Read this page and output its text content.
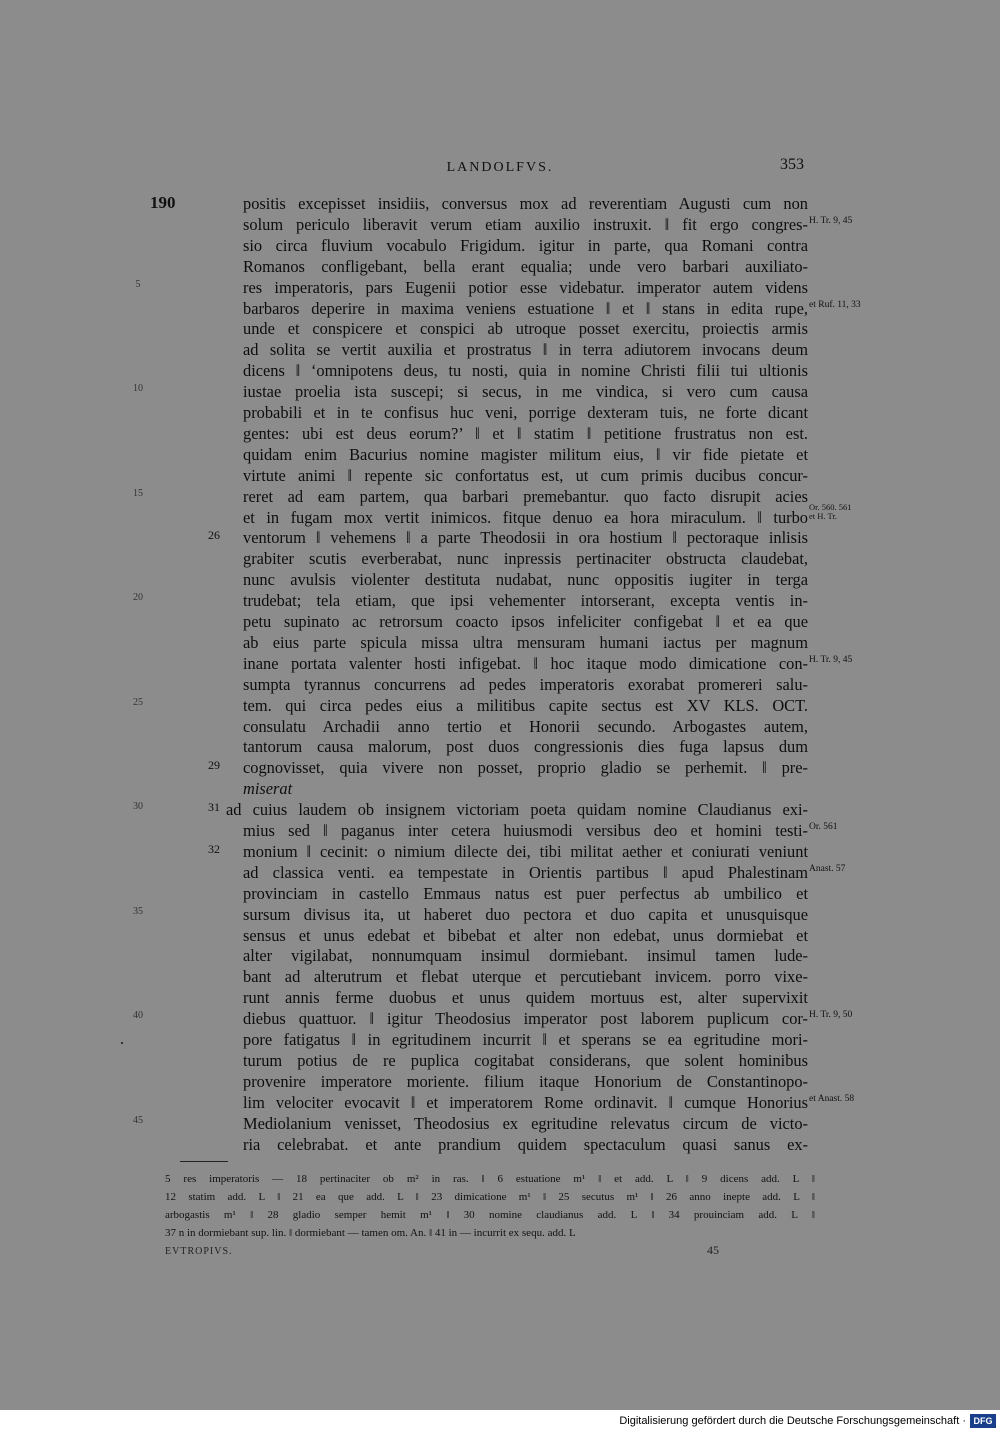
LANDOLFVS.	353
190	positis excepisset insidiis, conversus mox ad reverentiam Augusti cum non
solum periculo liberavit verum etiam auxilio instruxit. ‖ fit ergo congres- H. Tr. 9, 45
sio circa fluvium vocabulo Frigidum. igitur in parte, qua Romani contra
Romanos confligebant, bella erant equalia; unde vero barbari auxiliato-
5	res imperatoris, pars Eugenii potior esse videbatur. imperator autem videns
barbaros deperire in maxima veniens estuatione ‖ et ‖ stans in edita rupe, et Ruf. 11, 33
unde et conspicere et conspici ab utroque posset exercitu, proiectis armis
ad solita se vertit auxilia et prostratus ‖ in terra adiutorem invocans deum
dicens ‖ ‘omnipotens deus, tu nosti, quia in nomine Christi filii tui ultionis
10	iustae proelia ista suscepi; si secus, in me vindica, si vero cum causa
probabili et in te confisus huc veni, porrige dexteram tuis, ne forte dicant
gentes: ubi est deus eorum?’ ‖ et ‖ statim ‖ petitione frustratus non est.
quidam enim Bacurius nomine magister militum eius, ‖ vir fide pietate et
virtute animi ‖ repente sic confortatus est, ut cum primis ducibus concur-
15	reret ad eam partem, qua barbari premebantur. quo facto disrupit acies
et in fugam mox vertit inimicos. fitque denuo ea hora miraculum. ‖ turbo
Or. 560. 561
et H. Tr.
26 ventorum ‖ vehemens ‖ a parte Theodosii in ora hostium ‖ pectoraque inlisis
grabiter scutis everberabat, nunc inpressis pertinaciter obstructa claudebat,
nunc avulsis violenter destituta nudabat, nunc oppositis iugiter in terga
20	trudebat; tela etiam, que ipsi vehementer intorserant, excepta ventis in-
petu supinato ac retrorsum coacto ipsos infeliciter configebat ‖ et ea que
ab eius parte spicula missa ultra mensuram humani iactus per magnum
inane portata valenter hosti infigebat. ‖ hoc itaque modo dimicatione con- H. Tr. 9, 45
sumpta tyrannus concurrens ad pedes imperatoris exorabat promereri salu-
25	tem. qui circa pedes eius a militibus capite sectus est XV KLS. OCT.
consulatu Archadii anno tertio et Honorii secundo. Arbogastes autem,
tantorum causa malorum, post duos congressionis dies fuga lapsus dum
29 cognovisset, quia vivere non posset, proprio gladio se perhemit. ‖ pre-
miserat
30	31 ad cuius laudem ob insignem victoriam poeta quidam nomine Claudianus exi-
mius sed ‖ paganus inter cetera huiusmodi versibus deo et homini testi- Or. 561
32 monium ‖ cecinit: o nimium dilecte dei, tibi militat aether et coniurati veniunt
ad classica venti. ea tempestate in Orientis partibus ‖ apud Phalestinam Anast. 57
provinciam in castello Emmaus natus est puer perfectus ab umbilico et
35	sursum divisus ita, ut haberet duo pectora et duo capita et unusquisque
sensus et unus edebat et bibebat et alter non edebat, unus dormiebat et
alter vigilabat, nonnumquam insimul dormiebant. insimul tamen lude-
bant ad alterutrum et flebat uterque et percutiebant invicem. porro vixe-
runt annis ferme duobus et unus quidem mortuus est, alter supervixit
40	diebus quattuor. ‖ igitur Theodosius imperator post laborem puplicum cor- H. Tr. 9, 50
pore fatigatus ‖ in egritudinem incurrit ‖ et sperans se ea egritudine mori-
turum potius de re puplica cogitabat considerans, que solent hominibus
provenire imperatore moriente. filium itaque Honorium de Constantinopo-
lim velociter evocavit ‖ et imperatorem Rome ordinavit. ‖ cumque Honorius et Anast. 58
45	Mediolanium venisset, Theodosius ex egritudine relevatus circum de victo-
ria celebrabat. et ante prandium quidem spectaculum quasi sanus ex-
5 res imperatoris — 18 pertinaciter ob m² in ras. ‖ 6 estuatione m¹ ‖ et add. L ‖ 9 dicens add. L ‖
12 statim add. L ‖ 21 ea que add. L ‖ 23 dimicatione m¹ ‖ 25 secutus m¹ ‖ 26 anno inepte add. L ‖
arbogastis m¹ ‖ 28 gladio semper hemit m¹ ‖ 30 nomine claudianus add. L ‖ 34 prouinciam add. L ‖
37 n in dormiebant sup. lin. ‖ dormiebant — tamen om. An. ‖ 41 in — incurrit ex sequ. add. L
EVTROPIVS.	45
Digitalisierung gefördert durch die Deutsche Forschungsgemeinschaft · DFG
